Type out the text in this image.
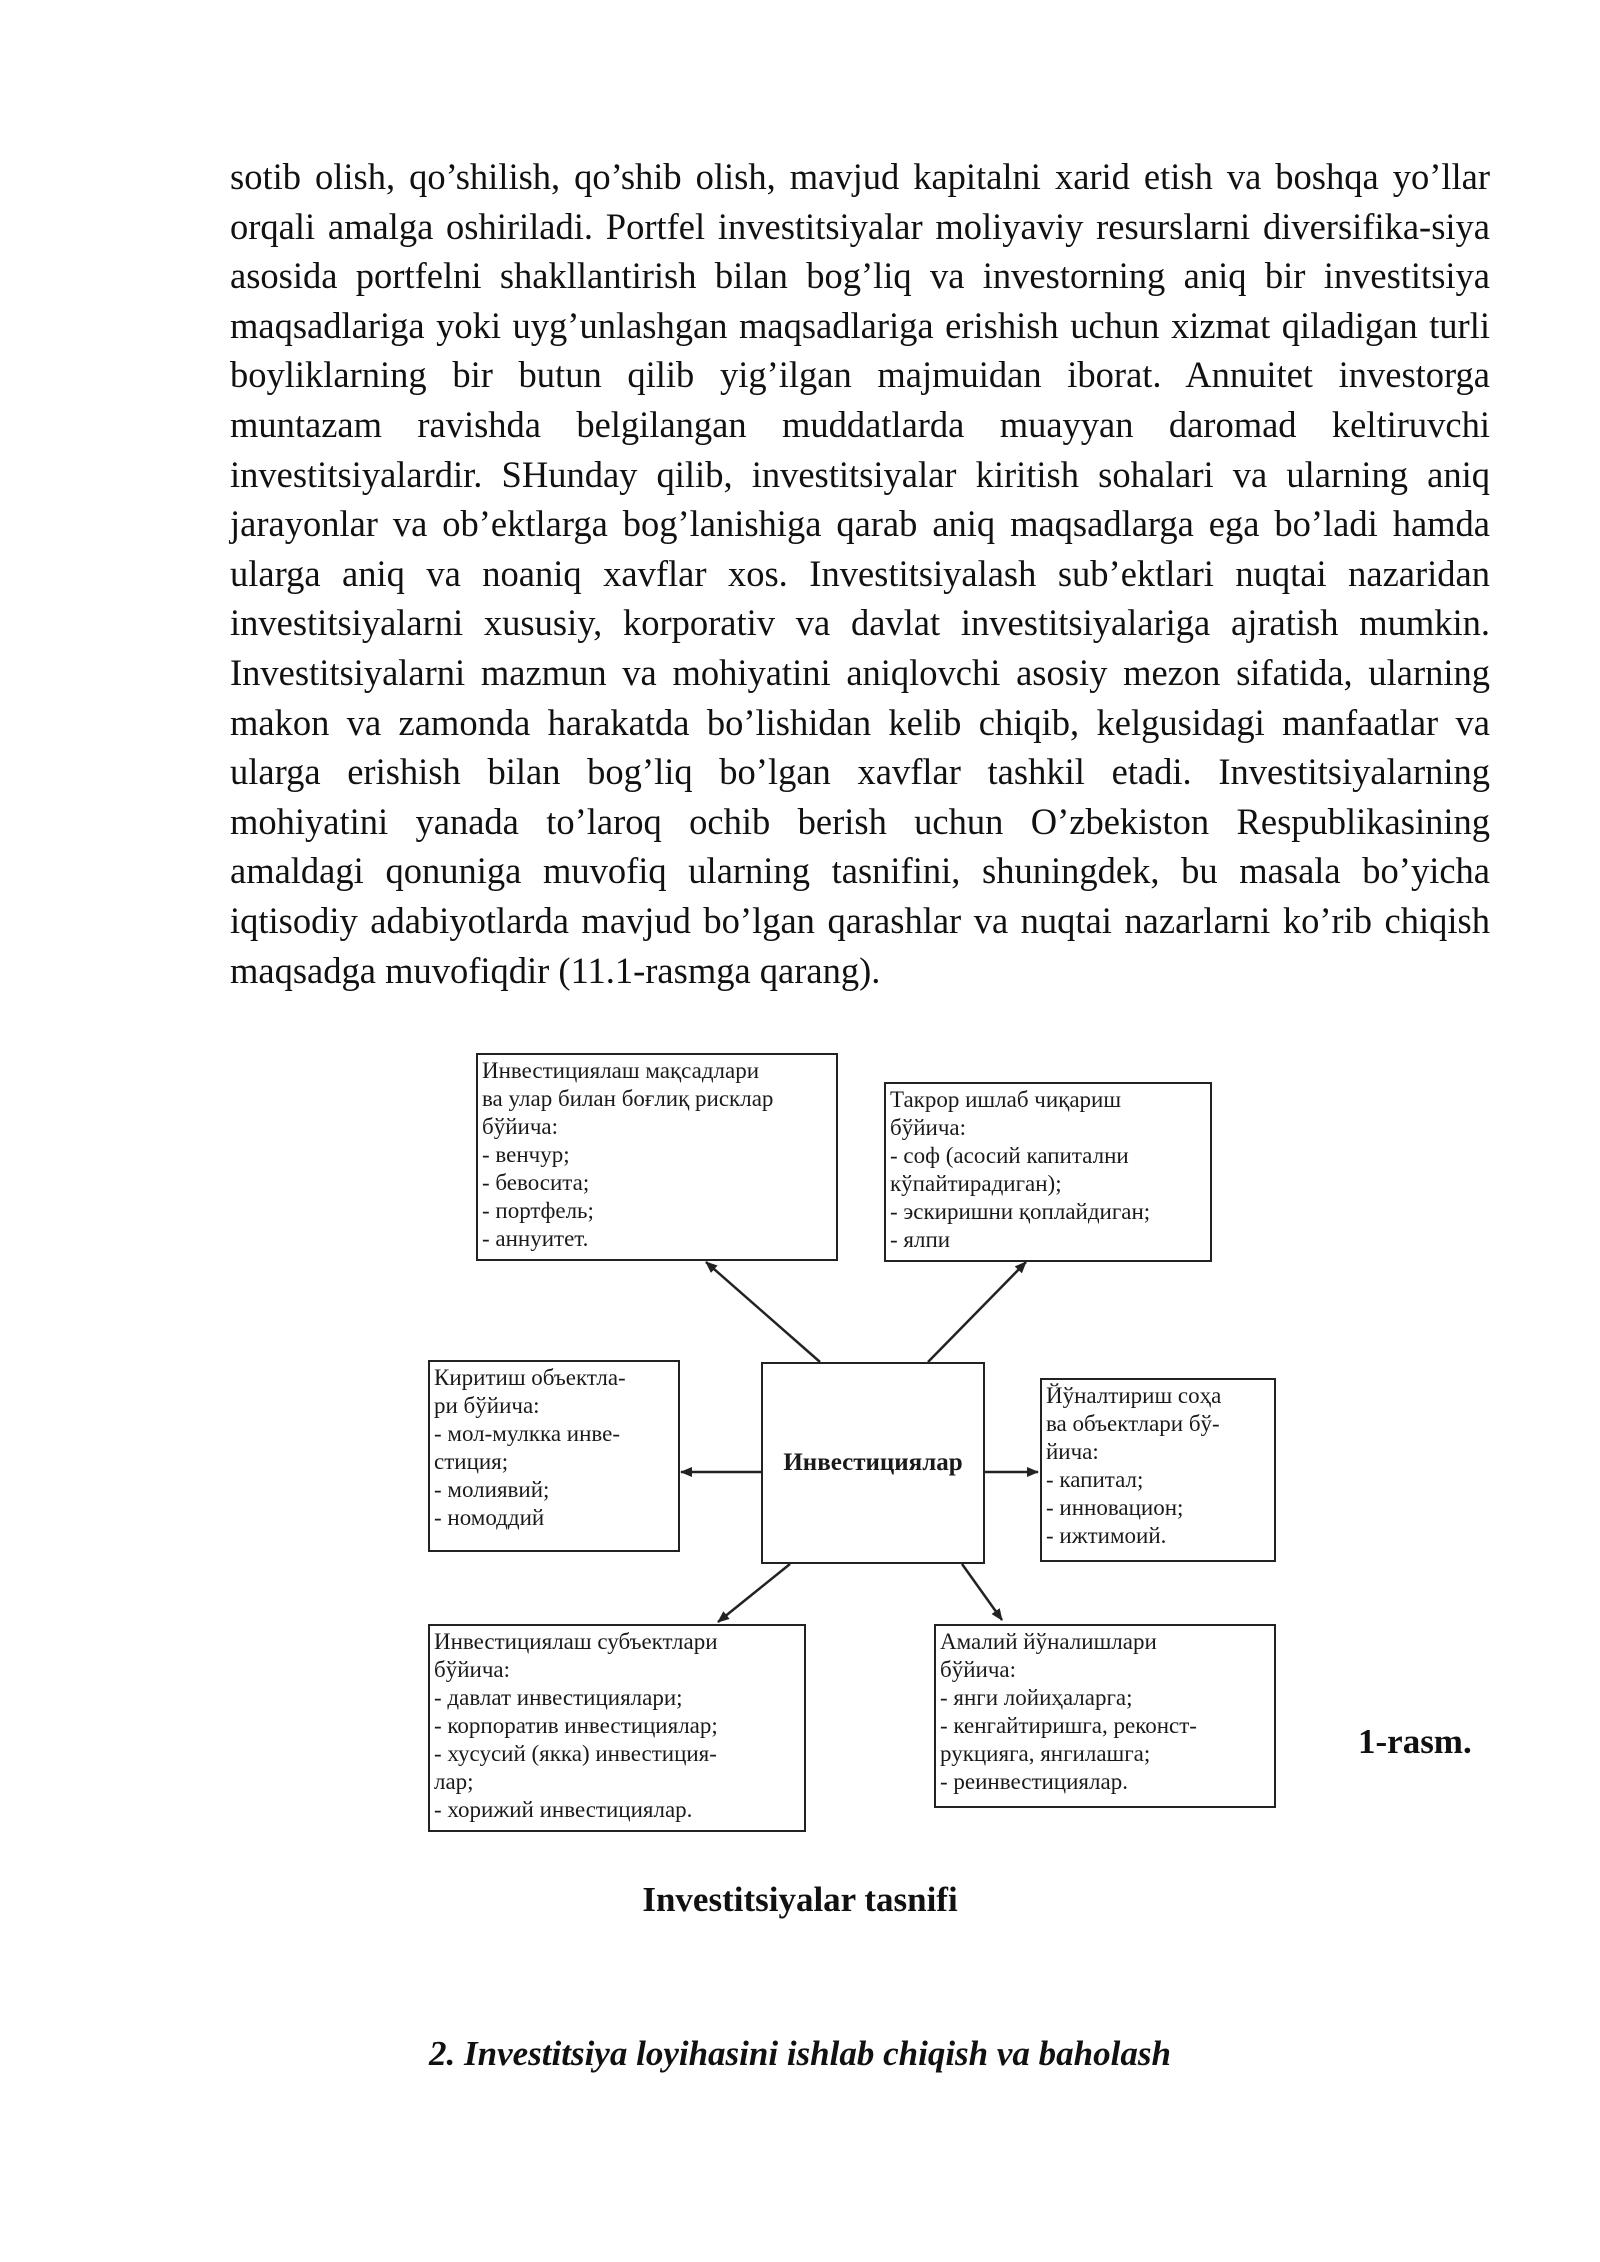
sotib olish, qo’shilish, qo’shib olish, mavjud kapitalni xarid etish va boshqa yo’llar orqali amalga oshiriladi. Portfel investitsiyalar moliyaviy resurslarni diversifika-siya asosida portfelni shakllantirish bilan bog’liq va investorning aniq bir investitsiya maqsadlariga yoki uyg’unlashgan maqsadlariga erishish uchun xizmat qiladigan turli boyliklarning bir butun qilib yig’ilgan majmuidan iborat. Annuitet investorga muntazam ravishda belgilangan muddatlarda muayyan daromad keltiruvchi investitsiyalardir. SHunday qilib, investitsiyalar kiritish sohalari va ularning aniq jarayonlar va ob’ektlarga bog’lanishiga qarab aniq maqsadlarga ega bo’ladi hamda ularga aniq va noaniq xavflar xos. Investitsiyalash sub’ektlari nuqtai nazaridan investitsiyalarni xususiy, korporativ va davlat investitsiyalariga ajratish mumkin. Investitsiyalarni mazmun va mohiyatini aniqlovchi asosiy mezon sifatida, ularning makon va zamonda harakatda bo’lishidan kelib chiqib, kelgusidagi manfaatlar va ularga erishish bilan bog’liq bo’lgan xavflar tashkil etadi. Investitsiyalarning mohiyatini yanada to’laroq ochib berish uchun O’zbekiston Respublikasining amaldagi qonuniga muvofiq ularning tasnifini, shuningdek, bu masala bo’yicha iqtisodiy adabiyotlarda mavjud bo’lgan qarashlar va nuqtai nazarlarni ko’rib chiqish maqsadga muvofiqdir (11.1-rasmga qarang).

Инвестициялар
Инвестициялаш мақсадлари
ва улар билан боғлиқ рисклар
бўйича:
- венчур;
- бевосита;
- портфель;
- аннуитет.
Такрор ишлаб чиқариш
бўйича:
- соф (асосий капитални
кўпайтирадиган);
- эскиришни қоплайдиган;
- ялпи
Киритиш объектла-
ри бўйича:
- мол-мулкка инве-
стиция;
- молиявий;
- номоддий
Йўналтириш соҳа
ва объектлари бў-
йича:
- капитал;
- инновацион;
- ижтимоий.
Инвестициялаш субъектлари
бўйича:
- давлат инвестициялари;
- корпоратив инвестициялар;
- хусусий (якка) инвестиция-
лар;
- хорижий инвестициялар.
Амалий йўналишлари
бўйича:
- янги лойиҳаларга;
- кенгайтиришга, реконст-
рукцияга, янгилашга;
- реинвестициялар.
1-rasm.
Investitsiyalar tasnifi
2. Investitsiya loyihasini ishlab chiqish va baholash
